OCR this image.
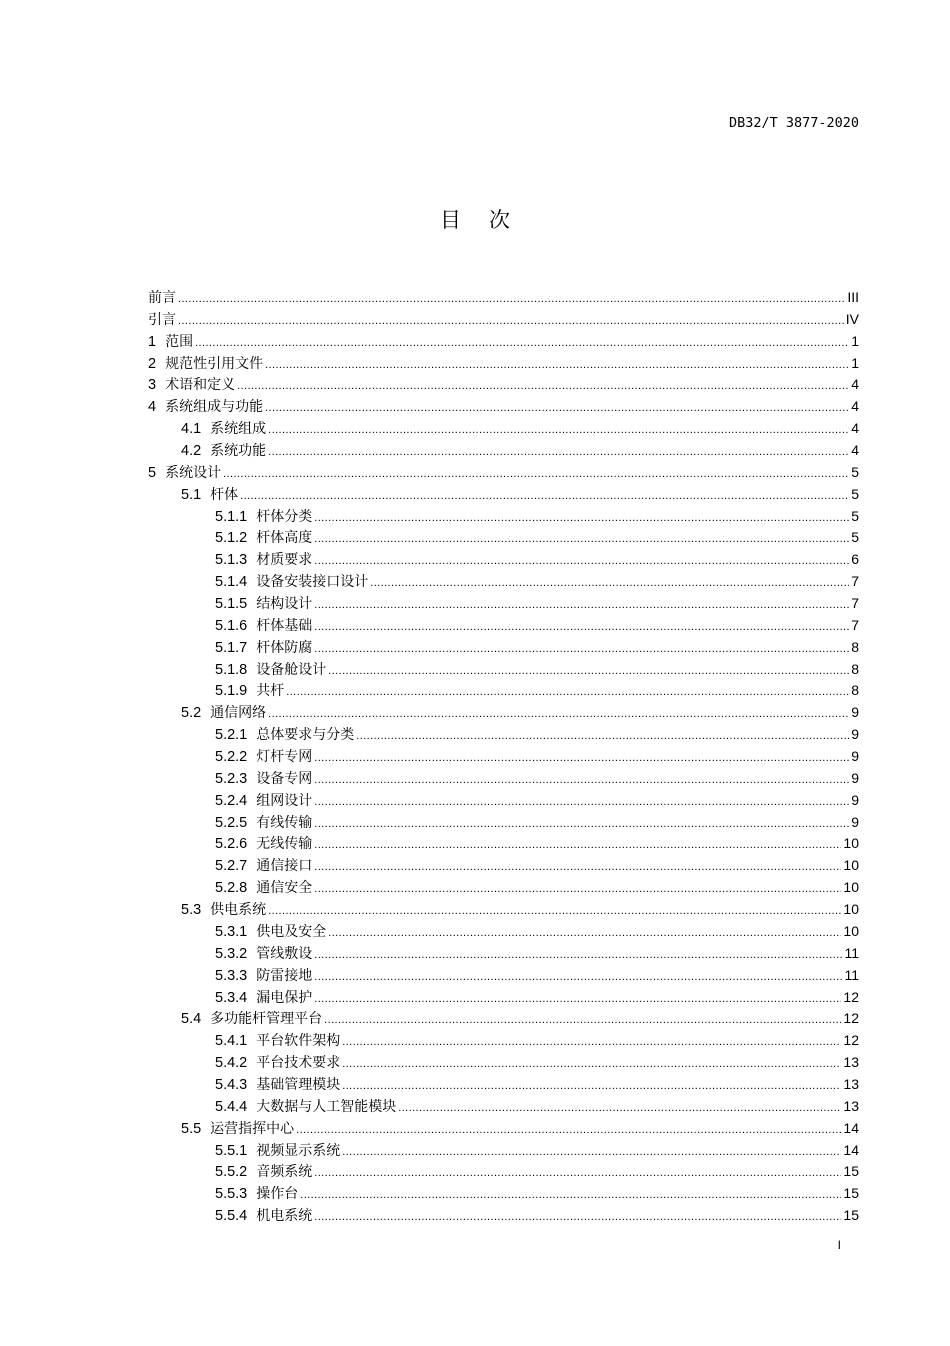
DB32/T 3877-2020
目次
前言 .....	III
引言 .....	IV
1 范围 .....	1
2 规范性引用文件 .....	1
3 术语和定义 .....	4
4 系统组成与功能 .....	4
4.1 系统组成 .....	4
4.2 系统功能 .....	4
5 系统设计 .....	5
5.1 杆体 .....	5
5.1.1 杆体分类 .....	5
5.1.2 杆体高度 .....	5
5.1.3 材质要求 .....	6
5.1.4 设备安装接口设计 .....	7
5.1.5 结构设计 .....	7
5.1.6 杆体基础 .....	7
5.1.7 杆体防腐 .....	8
5.1.8 设备舱设计 .....	8
5.1.9 共杆 .....	8
5.2 通信网络 .....	9
5.2.1 总体要求与分类 .....	9
5.2.2 灯杆专网 .....	9
5.2.3 设备专网 .....	9
5.2.4 组网设计 .....	9
5.2.5 有线传输 .....	9
5.2.6 无线传输 .....	10
5.2.7 通信接口 .....	10
5.2.8 通信安全 .....	10
5.3 供电系统 .....	10
5.3.1 供电及安全 .....	10
5.3.2 管线敷设 .....	11
5.3.3 防雷接地 .....	11
5.3.4 漏电保护 .....	12
5.4 多功能杆管理平台 .....	12
5.4.1 平台软件架构 .....	12
5.4.2 平台技术要求 .....	13
5.4.3 基础管理模块 .....	13
5.4.4 大数据与人工智能模块 .....	13
5.5 运营指挥中心 .....	14
5.5.1 视频显示系统 .....	14
5.5.2 音频系统 .....	15
5.5.3 操作台 .....	15
5.5.4 机电系统 .....	15
I
